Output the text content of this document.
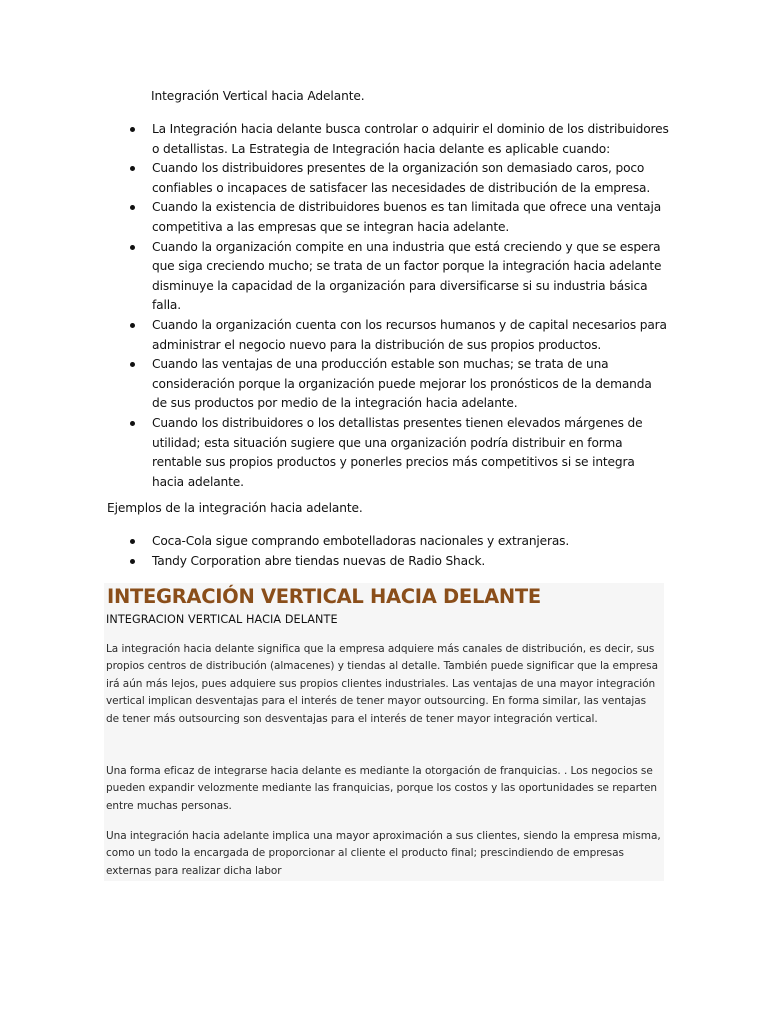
Integración Vertical hacia Adelante.
La Integración hacia delante busca controlar o adquirir el dominio de los distribuidores o detallistas. La Estrategia de Integración hacia delante es aplicable cuando:
Cuando los distribuidores presentes de la organización son demasiado caros, poco confiables o incapaces de satisfacer las necesidades de distribución de la empresa.
Cuando la existencia de distribuidores buenos es tan limitada que ofrece una ventaja competitiva a las empresas que se integran hacia adelante.
Cuando la organización compite en una industria que está creciendo y que se espera que siga creciendo mucho; se trata de un factor porque la integración hacia adelante disminuye la capacidad de la organización para diversificarse si su industria básica falla.
Cuando la organización cuenta con los recursos humanos y de capital necesarios para administrar el negocio nuevo para la distribución de sus propios productos.
Cuando las ventajas de una producción estable son muchas; se trata de una consideración porque la organización puede mejorar los pronósticos de la demanda de sus productos por medio de la integración hacia adelante.
Cuando los distribuidores o los detallistas presentes tienen elevados márgenes de utilidad; esta situación sugiere que una organización podría distribuir en forma rentable sus propios productos y ponerles precios más competitivos si se integra hacia adelante.

Ejemplos de la integración hacia adelante.

Coca-Cola sigue comprando embotelladoras nacionales y extranjeras.
Tandy Corporation abre tiendas nuevas de Radio Shack.
INTEGRACIÓN VERTICAL HACIA DELANTE
INTEGRACION VERTICAL HACIA DELANTE

La integración hacia delante significa que la empresa adquiere más canales de distribución, es decir, sus propios centros de distribución (almacenes) y tiendas al detalle. También puede significar que la empresa irá aún más lejos, pues adquiere sus propios clientes industriales. Las ventajas de una mayor integración vertical implican desventajas para el interés de tener mayor outsourcing. En forma similar, las ventajas de tener más outsourcing son desventajas para el interés de tener mayor integración vertical.

Una forma eficaz de integrarse hacia delante es mediante la otorgación de franquicias. . Los negocios se pueden expandir velozmente mediante las franquicias, porque los costos y las oportunidades se reparten entre muchas personas.

Una integración hacia adelante implica una mayor aproximación a sus clientes, siendo la empresa misma, como un todo la encargada de proporcionar al cliente el producto final; prescindiendo de empresas externas para realizar dicha labor
